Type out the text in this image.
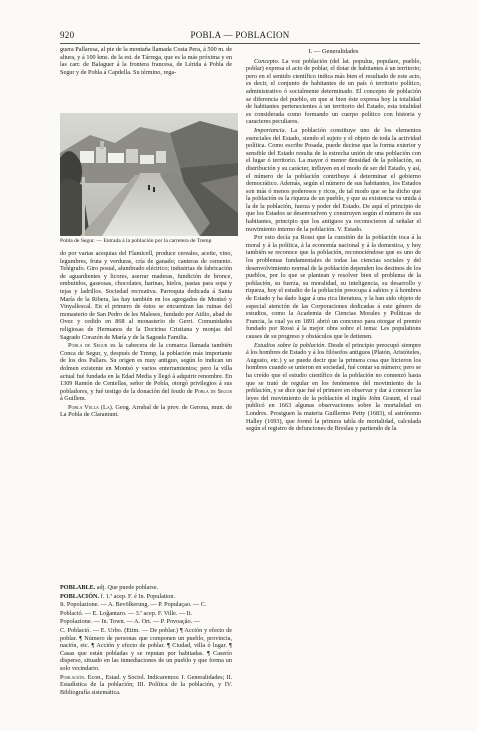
920	POBLA — POBLACION

guera Pallaresa, al pie de la montaña llamada Costa Pera, á 500 m. de altura, y á 100 kms. de la est. de Tárrega, que es la más próxima y en las carr. de Balaguer á la frontera francesa, de Lérida á Pobla de Segur y de Pobla á Capdella. Su término, rega-

Pobla de Segur. — Entrada á la población por la carretera de Tremp

do por varias acequias del Flamicell, produce cereales, aceite, vino, legumbres, fruta y verduras, cría de ganado; canteras de cemento. Telégrafo. Giro postal, alumbrado eléctrico; industrias de fabricación de aguardientes y licores, aserrar maderas, fundición de bronce, embutidos, gaseosas, chocolates, harinas, hielos, pastas para sopa y tejas y ladrillos. Sociedad recreativa. Parroquia dedicada á Santa María de la Ribera, las hay también en los agregados de Montsó y Vinyallescal. En el primero de éstos se encuentran las ruinas del monasterio de San Pedro de les Maleses, fundado por Atilio, abad de Ovez y cedido en 868 al monasterio de Gerri. Comunidades religiosas de Hermanos de la Doctrina Cristiana y monjas del Sagrado Corazón de María y de la Sagrada Familia.

Pobla de Segur es la cabecera de la comarca llamada también Conca de Segur, y, después de Tremp, la población más importante de los dos Pallars. Su origen es muy antiguo, según lo indican un dolmen existente en Montsó y varios enterramientos; pero la villa actual fué fundada en la Edad Media y llegó á adquirir renombre. En 1309 Ramón de Centellas, señor de Pobla, otorgó privilegios á sus pobladores, y fué testigo de la donación del feudo de Pobla de Segur á Guillem.

Pobla Vella (La). Geog. Arrabal de la prov. de Gerona, mun. de La Pobla de Claramunt.

POBLABLE. adj. Que puede poblarse.

POBLACIÓN. f. 1.ª acep. F. é In. Population.

It. Popolazione. — A. Bevölkerung. — P. Populaçao. — C.

Població. — E. Loĝantaro. — 3.ª acep. F. Ville. — It.

Popolazione. — In. Town. — A. Ort. — P. Povoação. —

C. Població. — E. Urbo. (Etim. — De poblar.) ¶ Acción y efecto de poblar. ¶ Número de personas que componen un pueblo, provincia, nación, etc. ¶ Acción y efecto de poblar. ¶ Ciudad, villa ó lugar. ¶ Casas que están pobladas y se reputan por habitadas. ¶ Caserío disperso, situado en las inmediaciones de un pueblo y que forma un solo vecindario.

Población. Econ., Estad. y Sociol. Indicaremos: I. Generalidades; II. Estadística de la población; III. Política de la población, y IV. Bibliografía sistemática.

I. — Generalidades

Concepto. La voz población (del lat. populus, populare, pueblo, poblar) expresa el acto de poblar, el dotar de habitantes á un territorio; pero en el sentido científico indica más bien el resultado de este acto, es decir, el conjunto de habitantes de un país ó territorio político, administrativo ó socialmente determinado. El concepto de población se diferencia del pueblo, en que si bien éste expresa hoy la totalidad de habitantes pertenecientes á un territorio del Estado, esta totalidad es considerada como formando un cuerpo político con historia y caracteres peculiares.

Importancia. La población constituye uno de los elementos esenciales del Estado, siendo el sujeto y el objeto de toda la actividad política. Como escribe Posada, puede decirse que la forma exterior y sensible del Estado resulta de la estrecha unión de una población con el lugar ó territorio. La mayor ó menor densidad de la población, su distribución y su carácter, influyen en el modo de ser del Estado, y así, el número de la población contribuye á determinar el gobierno democrático. Además, según el número de sus habitantes, los Estados son más ó menos poderosos y ricos, de tal modo que se ha dicho que la población es la riqueza de un pueblo, y que su existencia va unida á la de la población, fuerza y poder del Estado. De aquí el principio de que los Estados se desenvuelven y construyen según el número de sus habitantes, principio que los antiguos ya reconocieron al señalar el movimiento interno de la población. V. Estado.

Por esto decía ya Rossi que la cuestión de la población toca á la moral y á la política, á la economía nacional y á la domestica, y hoy también se reconoce que la población, reconociéndose que es uno de los problemas fundamentales de todas las ciencias sociales y del desenvolvimiento normal de la población dependen los destinos de los pueblos, por lo que se plantean y resolver bien el problema de la población, su fuerza, su moralidad, su inteligencia, su desarrollo y riqueza, hoy el estudio de la población preocupa á sabios y á hombres de Estado y ha dado lugar á una rica literatura, y la han sido objeto de especial atención de las Corporaciones dedicadas á este género de estudios, como la Academia de Ciencias Morales y Políticas de Francia, la cual ya en 1891 abrió un concurso para otorgar el premio fundado por Rossi á la mejor obra sobre el tema: Les populations causes de su progreso y obstáculos que le detienen.

Estudios sobre la población. Desde el principio preocupó siempre á los hombres de Estado y á los filósofos antiguos (Platón, Aristóteles, Augusto, etc.) y se puede decir que la primera cosa que hicieron los hombres cuando se unieron en sociedad, fué contar su número; pero se ha creído que el estudio científico de la población no comenzó hasta que se trató de regular en los fenómenos del movimiento de la población, y se dice que fué el primero en observar y dar á conocer las leyes del movimiento de la población el inglés John Graunt, el cual publicó en 1663 algunas observaciones sobre la mortalidad en Londres. Prosiguen la materia Guillermo Petty (1683), el astrónomo Halley (1693), que formó la primera tabla de mortalidad, calculada según el registro de defunciones de Breslau y partiendo de la
